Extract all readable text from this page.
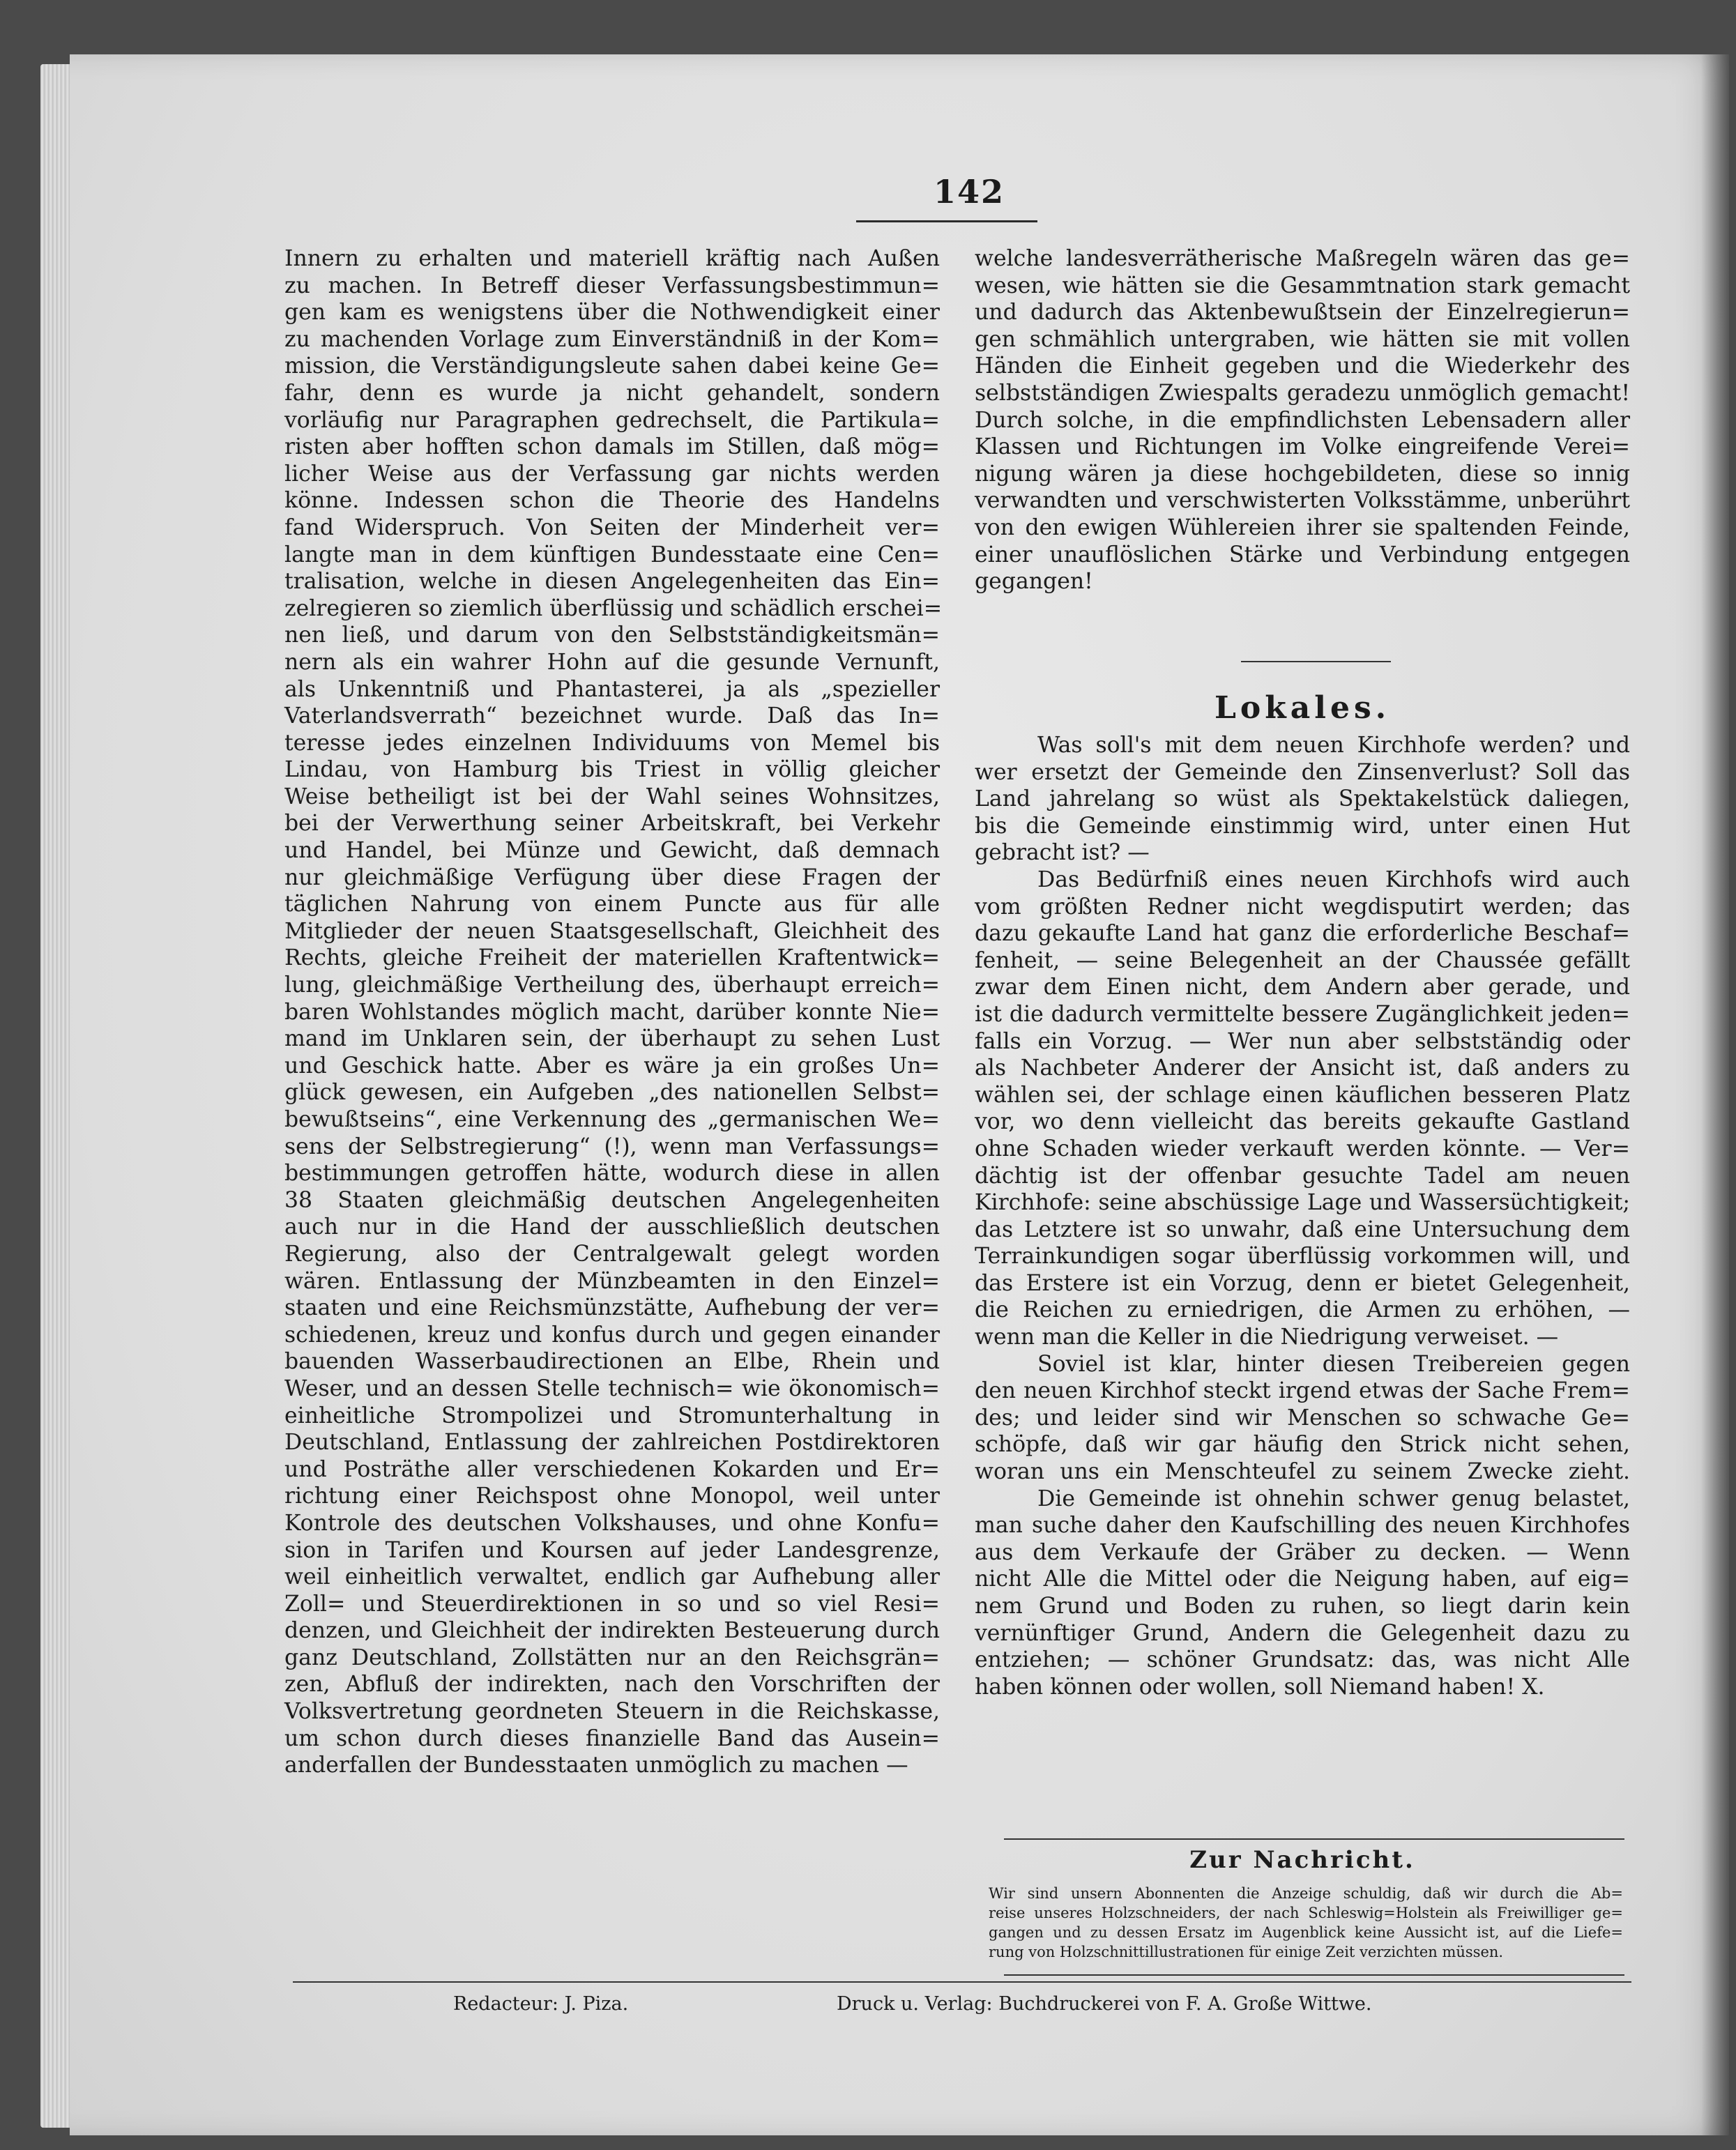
142
Innern zu erhalten und materiell kräftig nach Außen
zu machen. In Betreff dieser Verfassungsbestimmun=
gen kam es wenigstens über die Nothwendigkeit einer
zu machenden Vorlage zum Einverständniß in der Kom=
mission, die Verständigungsleute sahen dabei keine Ge=
fahr, denn es wurde ja nicht gehandelt, sondern
vorläufig nur Paragraphen gedrechselt, die Partikula=
risten aber hofften schon damals im Stillen, daß mög=
licher Weise aus der Verfassung gar nichts werden
könne. Indessen schon die Theorie des Handelns
fand Widerspruch. Von Seiten der Minderheit ver=
langte man in dem künftigen Bundesstaate eine Cen=
tralisation, welche in diesen Angelegenheiten das Ein=
zelregieren so ziemlich überflüssig und schädlich erschei=
nen ließ, und darum von den Selbstständigkeitsmän=
nern als ein wahrer Hohn auf die gesunde Vernunft,
als Unkenntniß und Phantasterei, ja als „spezieller
Vaterlandsverrath“ bezeichnet wurde. Daß das In=
teresse jedes einzelnen Individuums von Memel bis
Lindau, von Hamburg bis Triest in völlig gleicher
Weise betheiligt ist bei der Wahl seines Wohnsitzes,
bei der Verwerthung seiner Arbeitskraft, bei Verkehr
und Handel, bei Münze und Gewicht, daß demnach
nur gleichmäßige Verfügung über diese Fragen der
täglichen Nahrung von einem Puncte aus für alle
Mitglieder der neuen Staatsgesellschaft, Gleichheit des
Rechts, gleiche Freiheit der materiellen Kraftentwick=
lung, gleichmäßige Vertheilung des, überhaupt erreich=
baren Wohlstandes möglich macht, darüber konnte Nie=
mand im Unklaren sein, der überhaupt zu sehen Lust
und Geschick hatte. Aber es wäre ja ein großes Un=
glück gewesen, ein Aufgeben „des nationellen Selbst=
bewußtseins“, eine Verkennung des „germanischen We=
sens der Selbstregierung“ (!), wenn man Verfassungs=
bestimmungen getroffen hätte, wodurch diese in allen
38 Staaten gleichmäßig deutschen Angelegenheiten
auch nur in die Hand der ausschließlich deutschen
Regierung, also der Centralgewalt gelegt worden
wären. Entlassung der Münzbeamten in den Einzel=
staaten und eine Reichsmünzstätte, Aufhebung der ver=
schiedenen, kreuz und konfus durch und gegen einander
bauenden Wasserbaudirectionen an Elbe, Rhein und
Weser, und an dessen Stelle technisch= wie ökonomisch=
einheitliche Strompolizei und Stromunterhaltung in
Deutschland, Entlassung der zahlreichen Postdirektoren
und Posträthe aller verschiedenen Kokarden und Er=
richtung einer Reichspost ohne Monopol, weil unter
Kontrole des deutschen Volkshauses, und ohne Konfu=
sion in Tarifen und Koursen auf jeder Landesgrenze,
weil einheitlich verwaltet, endlich gar Aufhebung aller
Zoll= und Steuerdirektionen in so und so viel Resi=
denzen, und Gleichheit der indirekten Besteuerung durch
ganz Deutschland, Zollstätten nur an den Reichsgrän=
zen, Abfluß der indirekten, nach den Vorschriften der
Volksvertretung geordneten Steuern in die Reichskasse,
um schon durch dieses finanzielle Band das Ausein=
anderfallen der Bundesstaaten unmöglich zu machen —
welche landesverrätherische Maßregeln wären das ge=
wesen, wie hätten sie die Gesammtnation stark gemacht
und dadurch das Aktenbewußtsein der Einzelregierun=
gen schmählich untergraben, wie hätten sie mit vollen
Händen die Einheit gegeben und die Wiederkehr des
selbstständigen Zwiespalts geradezu unmöglich gemacht!
Durch solche, in die empfindlichsten Lebensadern aller
Klassen und Richtungen im Volke eingreifende Verei=
nigung wären ja diese hochgebildeten, diese so innig
verwandten und verschwisterten Volksstämme, unberührt
von den ewigen Wühlereien ihrer sie spaltenden Feinde,
einer unauflöslichen Stärke und Verbindung entgegen
gegangen!
Lokales.
Was soll's mit dem neuen Kirchhofe werden? und
wer ersetzt der Gemeinde den Zinsenverlust? Soll das
Land jahrelang so wüst als Spektakelstück daliegen,
bis die Gemeinde einstimmig wird, unter einen Hut
gebracht ist? —
Das Bedürfniß eines neuen Kirchhofs wird auch
vom größten Redner nicht wegdisputirt werden; das
dazu gekaufte Land hat ganz die erforderliche Beschaf=
fenheit, — seine Belegenheit an der Chaussée gefällt
zwar dem Einen nicht, dem Andern aber gerade, und
ist die dadurch vermittelte bessere Zugänglichkeit jeden=
falls ein Vorzug. — Wer nun aber selbstständig oder
als Nachbeter Anderer der Ansicht ist, daß anders zu
wählen sei, der schlage einen käuflichen besseren Platz
vor, wo denn vielleicht das bereits gekaufte Gastland
ohne Schaden wieder verkauft werden könnte. — Ver=
dächtig ist der offenbar gesuchte Tadel am neuen
Kirchhofe: seine abschüssige Lage und Wassersüchtigkeit;
das Letztere ist so unwahr, daß eine Untersuchung dem
Terrainkundigen sogar überflüssig vorkommen will, und
das Erstere ist ein Vorzug, denn er bietet Gelegenheit,
die Reichen zu erniedrigen, die Armen zu erhöhen, —
wenn man die Keller in die Niedrigung verweiset. —
Soviel ist klar, hinter diesen Treibereien gegen
den neuen Kirchhof steckt irgend etwas der Sache Frem=
des; und leider sind wir Menschen so schwache Ge=
schöpfe, daß wir gar häufig den Strick nicht sehen,
woran uns ein Menschteufel zu seinem Zwecke zieht.
Die Gemeinde ist ohnehin schwer genug belastet,
man suche daher den Kaufschilling des neuen Kirchhofes
aus dem Verkaufe der Gräber zu decken. — Wenn
nicht Alle die Mittel oder die Neigung haben, auf eig=
nem Grund und Boden zu ruhen, so liegt darin kein
vernünftiger Grund, Andern die Gelegenheit dazu zu
entziehen; — schöner Grundsatz: das, was nicht Alle
haben können oder wollen, soll Niemand haben! X.
Zur Nachricht.
Wir sind unsern Abonnenten die Anzeige schuldig, daß wir durch die Ab=
reise unseres Holzschneiders, der nach Schleswig=Holstein als Freiwilliger ge=
gangen und zu dessen Ersatz im Augenblick keine Aussicht ist, auf die Liefe=
rung von Holzschnittillustrationen für einige Zeit verzichten müssen.
Redacteur: J. Piza.	Druck u. Verlag: Buchdruckerei von F. A. Große Wittwe.
